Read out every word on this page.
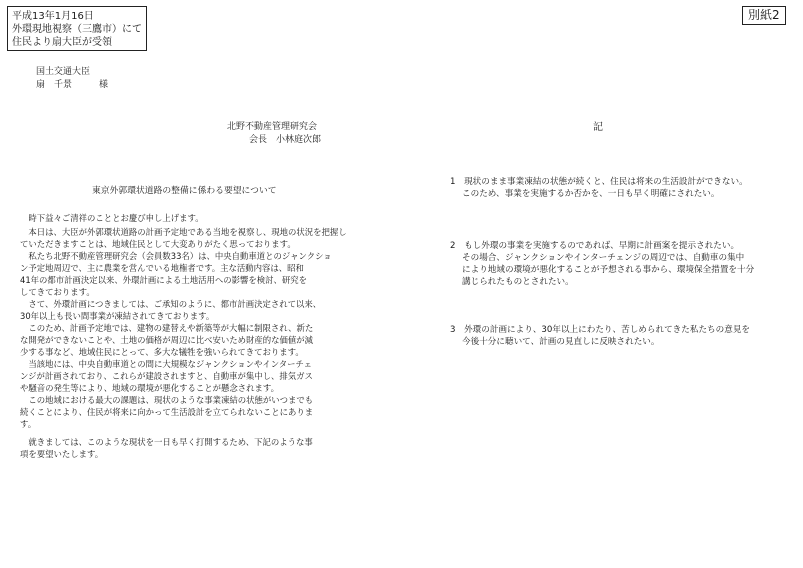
平成13年1月16日
外環現地視察（三鷹市）にて
住民より扇大臣が受領
別紙2
国土交通大臣
扇　千景　　　様
北野不動産管理研究会
会長　小林庭次郎
東京外郭環状道路の整備に係わる要望について
　時下益々ご清祥のこととお慶び申し上げます。
　本日は、大臣が外郭環状道路の計画予定地である当地を視察し、現地の状況を把握し
ていただきますことは、地域住民として大変ありがたく思っております。
　私たち北野不動産管理研究会（会員数33名）は、中央自動車道とのジャンクショ
ン予定地周辺で、主に農業を営んでいる地権者です。主な活動内容は、昭和
41年の都市計画決定以来、外環計画による土地活用への影響を検討、研究を
してきております。
　さて、外環計画につきましては、ご承知のように、都市計画決定されて以来、
30年以上も長い間事業が凍結されてきております。
　このため、計画予定地では、建物の建替えや新築等が大幅に制限され、新た
な開発ができないことや、土地の価格が周辺に比べ安いため財産的な価値が減
少する事など、地域住民にとって、多大な犠牲を強いられてきております。
　当該地には、中央自動車道との間に大規模なジャンクションやインターチェ
ンジが計画されており、これらが建設されますと、自動車が集中し、排気ガス
や騒音の発生等により、地域の環境が悪化することが懸念されます。
　この地域における最大の課題は、現状のような事業凍結の状態がいつまでも
続くことにより、住民が将来に向かって生活設計を立てられないことにありま
す。
　就きましては、このような現状を一日も早く打開するため、下記のような事
項を要望いたします。
記
1　 現状のまま事業凍結の状態が続くと、住民は将来の生活設計ができない。
このため、事業を実施するか否かを、一日も早く明確にされたい。
2　 もし外環の事業を実施するのであれば、早期に計画案を提示されたい。
その場合、ジャンクションやインターチェンジの周辺では、自動車の集中
により地域の環境が悪化することが予想される事から、環境保全措置を十分
講じられたものとされたい。
3　 外環の計画により、30年以上にわたり、苦しめられてきた私たちの意見を
今後十分に聴いて、計画の見直しに反映されたい。
